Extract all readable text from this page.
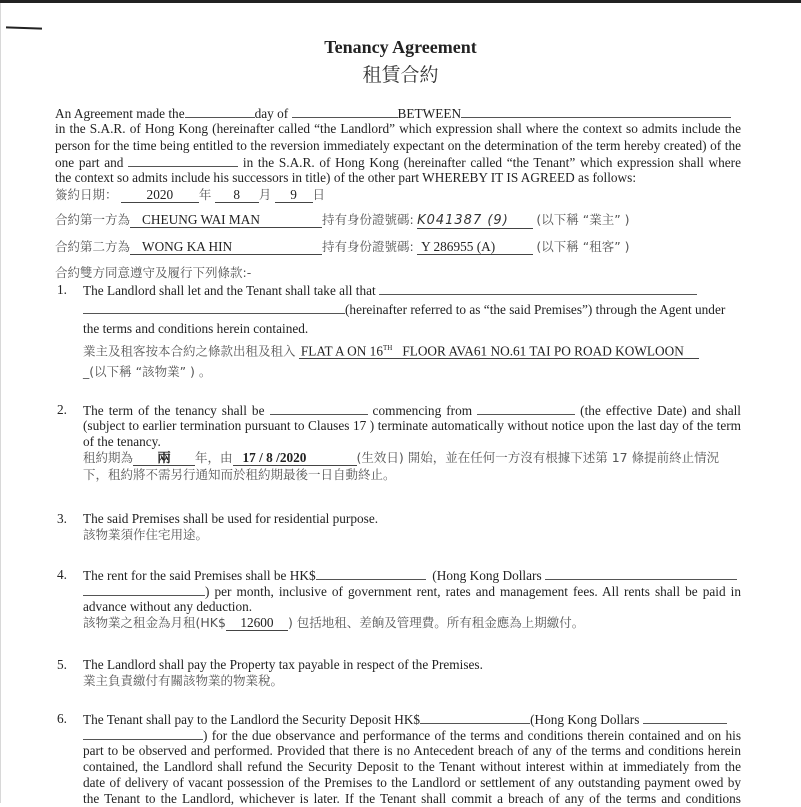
Tenancy Agreement
租賃合約
An Agreement made the	day of	BETWEEN
in the S.A.R. of Hong Kong (hereinafter called “the Landlord” which expression shall where the context so admits include the
person for the time being entitled to the reversion immediately expectant on the determination of the term hereby created) of the
one part and	in the S.A.R. of Hong Kong (hereinafter called “the Tenant” which expression shall where
the context so admits include his successors in title) of the other part WHEREBY IT IS AGREED as follows:
簽約日期： 2020 年 8 月 9 日
合約第一方為 CHEUNG WAI MAN	持有身份證號碼: K041387 (9) (以下稱 “業主” )
合約第二方為 WONG KA HIN	持有身份證號碼: Y 286955 (A)	(以下稱 “租客” )
合約雙方同意遵守及履行下列條款:-
1. The Landlord shall let and the Tenant shall take all that
(hereinafter referred to as “the said Premises”) through the Agent under
the terms and conditions herein contained.
業主及租客按本合約之條款出租及租入 FLAT A ON 16TH FLOOR AVA61 NO.61 TAI PO ROAD KOWLOON
_(以下稱 “該物業” ) 。
2. The term of the tenancy shall be	commencing from	(the effective Date) and shall
(subject to earlier termination pursuant to Clauses 17 ) terminate automatically without notice upon the last day of the term
of the tenancy.
租約期為 兩 年，由 17 / 8 /2020	(生效日) 開始，並在任何一方沒有根據下述第 17 條提前終止情況
下，租約將不需另行通知而於租約期最後一日自動終止。
3. The said Premises shall be used for residential purpose.
該物業須作住宅用途。
4. The rent for the said Premises shall be HK$	(Hong Kong Dollars
) per month, inclusive of government rent, rates and management fees. All rents shall be paid in
advance without any deduction.
該物業之租金為月租(HK$ 12600 ) 包括地租、差餉及管理費。所有租金應為上期繳付。
5. The Landlord shall pay the Property tax payable in respect of the Premises.
業主負責繳付有關該物業的物業稅。
6. The Tenant shall pay to the Landlord the Security Deposit HK$	(Hong Kong Dollars
) for the due observance and performance of the terms and conditions therein contained and on his
part to be observed and performed. Provided that there is no Antecedent breach of any of the terms and conditions herein
contained, the Landlord shall refund the Security Deposit to the Tenant without interest within at immediately from the
date of delivery of vacant possession of the Premises to the Landlord or settlement of any outstanding payment owed by
the Tenant to the Landlord, whichever is later. If the Tenant shall commit a breach of any of the terms and conditions
